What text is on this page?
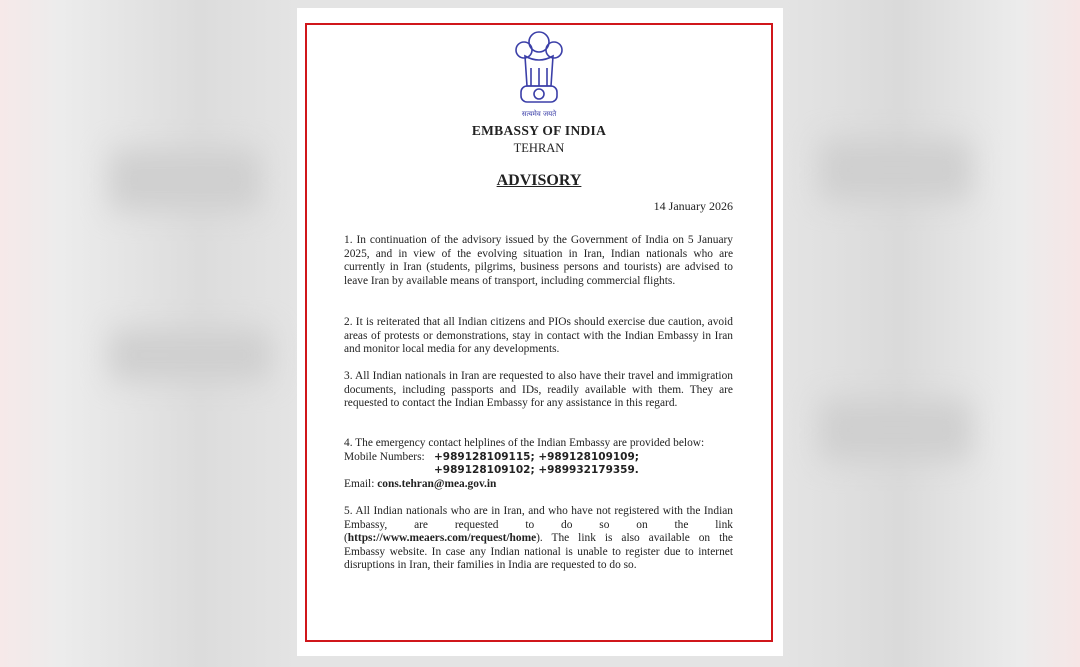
सत्यमेव जयते
EMBASSY OF INDIA
TEHRAN
ADVISORY
14 January 2026
1. In continuation of the advisory issued by the Government of India on 5 January 2025, and in view of the evolving situation in Iran, Indian nationals who are currently in Iran (students, pilgrims, business persons and tourists) are advised to leave Iran by available means of transport, including commercial flights.
2. It is reiterated that all Indian citizens and PIOs should exercise due caution, avoid areas of protests or demonstrations, stay in contact with the Indian Embassy in Iran and monitor local media for any developments.
3. All Indian nationals in Iran are requested to also have their travel and immigration documents, including passports and IDs, readily available with them. They are requested to contact the Indian Embassy for any assistance in this regard.
4. The emergency contact helplines of the Indian Embassy are provided below:
Mobile Numbers: +989128109115; +989128109109;
+989128109102; +989932179359.
Email: cons.tehran@mea.gov.in
5. All Indian nationals who are in Iran, and who have not registered with the Indian Embassy, are requested to do so on the link (https://www.meaers.com/request/home). The link is also available on the Embassy website. In case any Indian national is unable to register due to internet disruptions in Iran, their families in India are requested to do so.
